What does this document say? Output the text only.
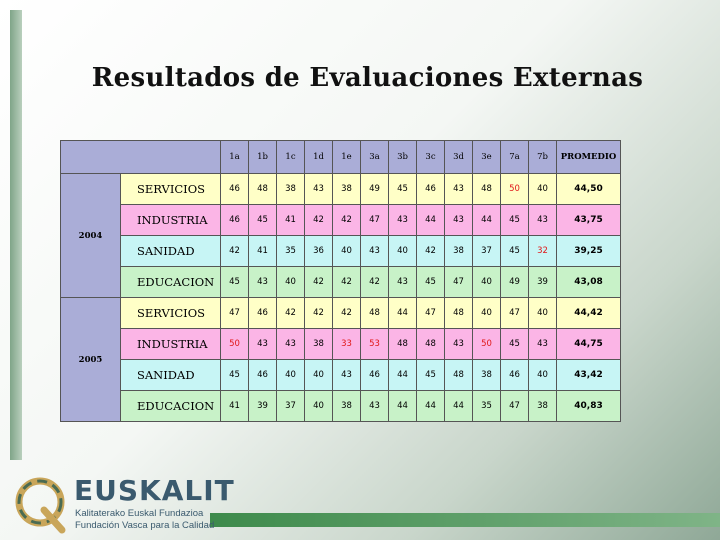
Resultados de Evaluaciones Externas
		1a	1b	1c	1d	1e	3a	3b	3c	3d	3e	7a	7b	PROMEDIO
2004	SERVICIOS	46	48	38	43	38	49	45	46	43	48	50	40	44,50
	INDUSTRIA	46	45	41	42	42	47	43	44	43	44	45	43	43,75
	SANIDAD	42	41	35	36	40	43	40	42	38	37	45	32	39,25
	EDUCACION	45	43	40	42	42	42	43	45	47	40	49	39	43,08
2005	SERVICIOS	47	46	42	42	42	48	44	47	48	40	47	40	44,42
	INDUSTRIA	50	43	43	38	33	53	48	48	43	50	45	43	44,75
	SANIDAD	45	46	40	40	43	46	44	45	48	38	46	40	43,42
	EDUCACION	41	39	37	40	38	43	44	44	44	35	47	38	40,83
EUSKALIT
Kalitaterako Euskal Fundazioa
Fundación Vasca para la Calidad
